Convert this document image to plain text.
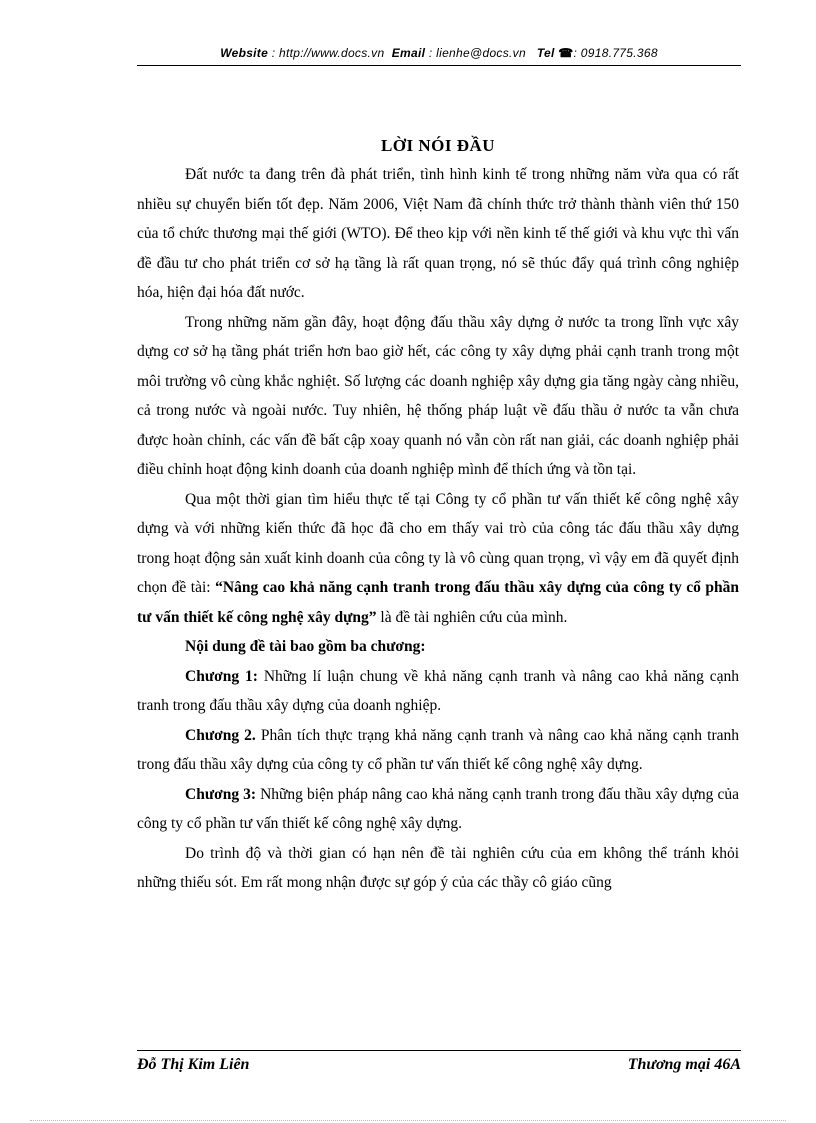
Website : http://www.docs.vn Email : lienhe@docs.vn Tel ☎: 0918.775.368
LỜI NÓI ĐẦU

Đất nước ta đang trên đà phát triển, tình hình kinh tế trong những năm vừa qua có rất nhiều sự chuyển biến tốt đẹp. Năm 2006, Việt Nam đã chính thức trở thành thành viên thứ 150 của tổ chức thương mại thế giới (WTO). Để theo kịp với nền kinh tế thế giới và khu vực thì vấn đề đầu tư cho phát triển cơ sở hạ tầng là rất quan trọng, nó sẽ thúc đẩy quá trình công nghiệp hóa, hiện đại hóa đất nước.

Trong những năm gần đây, hoạt động đấu thầu xây dựng ở nước ta trong lĩnh vực xây dựng cơ sở hạ tầng phát triển hơn bao giờ hết, các công ty xây dựng phải cạnh tranh trong một môi trường vô cùng khắc nghiệt. Số lượng các doanh nghiệp xây dựng gia tăng ngày càng nhiều, cả trong nước và ngoài nước. Tuy nhiên, hệ thống pháp luật về đấu thầu ở nước ta vẫn chưa được hoàn chỉnh, các vấn đề bất cập xoay quanh nó vẫn còn rất nan giải, các doanh nghiệp phải điều chỉnh hoạt động kinh doanh của doanh nghiệp mình để thích ứng và tồn tại.

Qua một thời gian tìm hiểu thực tế tại Công ty cổ phần tư vấn thiết kế công nghệ xây dựng và với những kiến thức đã học đã cho em thấy vai trò của công tác đấu thầu xây dựng trong hoạt động sản xuất kinh doanh của công ty là vô cùng quan trọng, vì vậy em đã quyết định chọn đề tài: “Nâng cao khả năng cạnh tranh trong đấu thầu xây dựng của công ty cổ phần tư vấn thiết kế công nghệ xây dựng” là đề tài nghiên cứu của mình.

Nội dung đề tài bao gồm ba chương:

Chương 1: Những lí luận chung về khả năng cạnh tranh và nâng cao khả năng cạnh tranh trong đấu thầu xây dựng của doanh nghiệp.

Chương 2. Phân tích thực trạng khả năng cạnh tranh và nâng cao khả năng cạnh tranh trong đấu thầu xây dựng của công ty cổ phần tư vấn thiết kế công nghệ xây dựng.

Chương 3: Những biện pháp nâng cao khả năng cạnh tranh trong đấu thầu xây dựng của công ty cổ phần tư vấn thiết kế công nghệ xây dựng.

Do trình độ và thời gian có hạn nên đề tài nghiên cứu của em không thể tránh khỏi những thiếu sót. Em rất mong nhận được sự góp ý của các thầy cô giáo cũng

Đỗ Thị Kim Liên	Thương mại 46A
